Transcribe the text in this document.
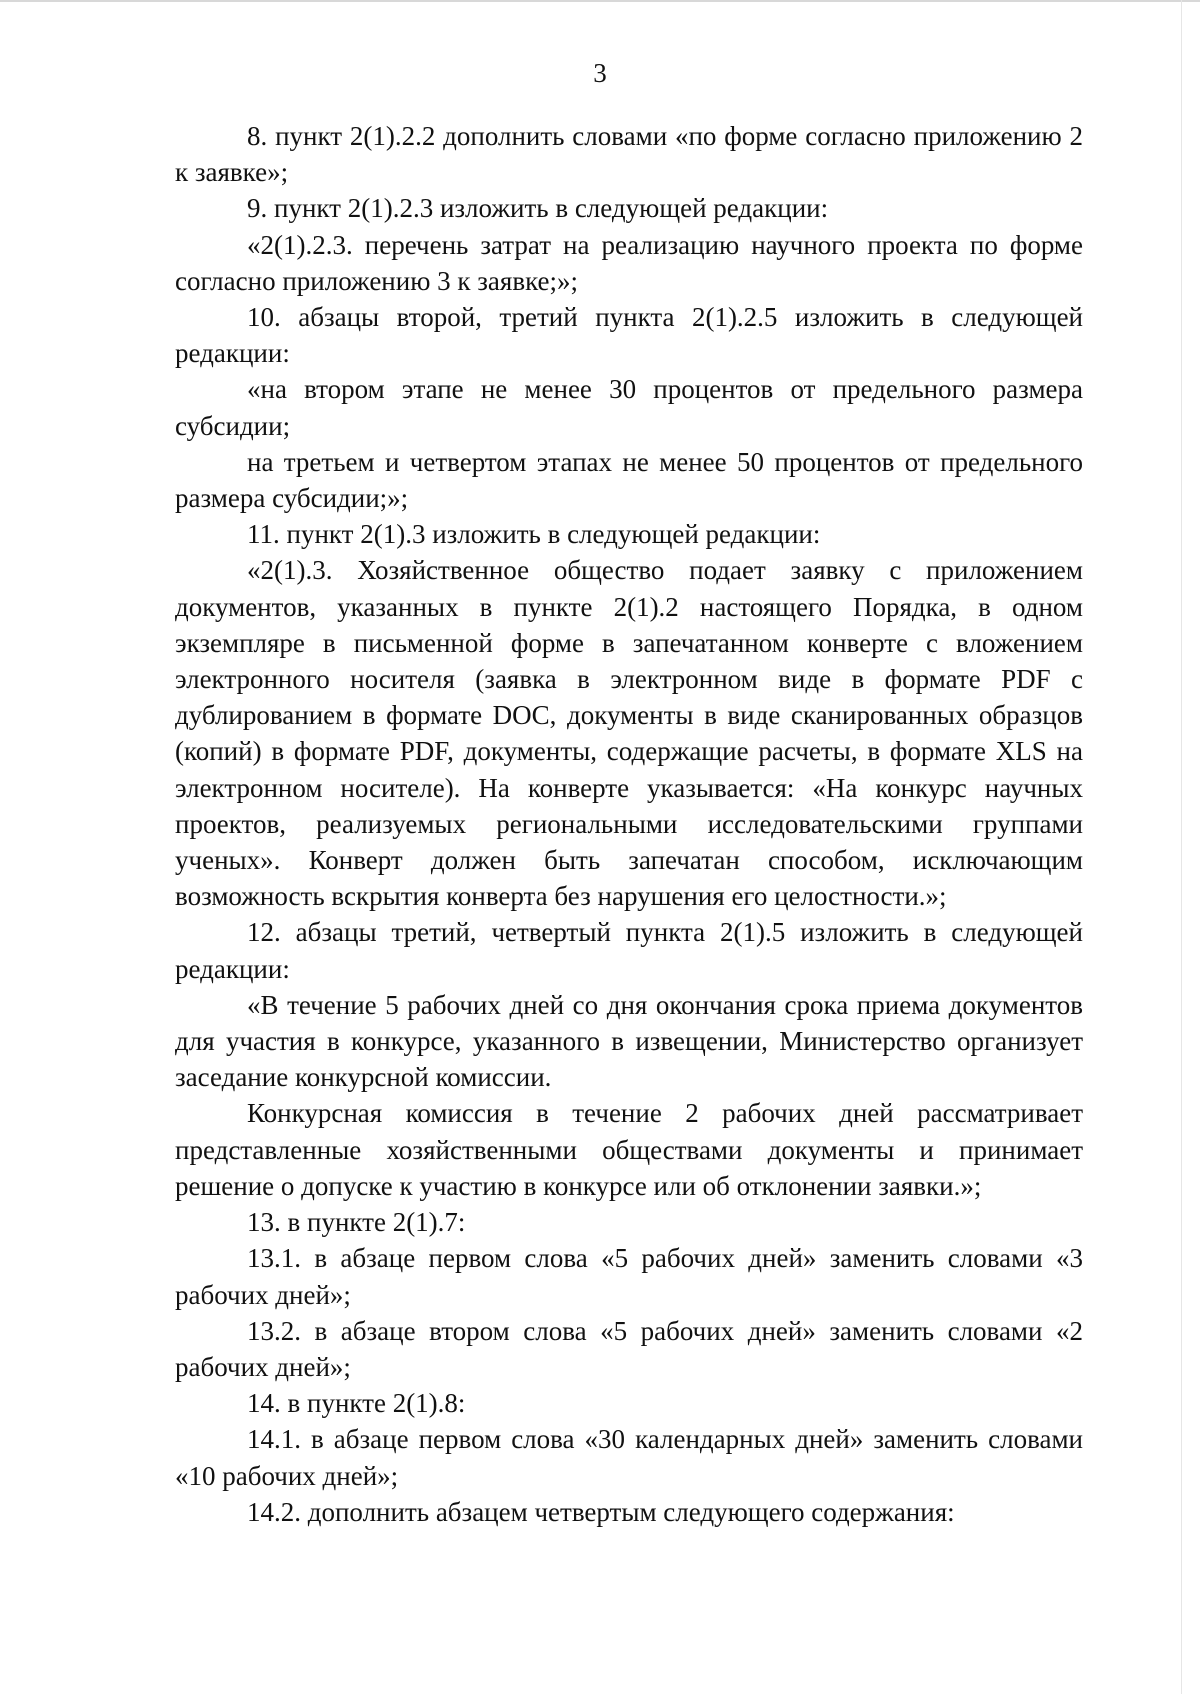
3

8. пункт 2(1).2.2 дополнить словами «по форме согласно приложению 2 к заявке»;

9. пункт 2(1).2.3 изложить в следующей редакции:

«2(1).2.3. перечень затрат на реализацию научного проекта по форме согласно приложению 3 к заявке;»;

10. абзацы второй, третий пункта 2(1).2.5 изложить в следующей редакции:

«на втором этапе не менее 30 процентов от предельного размера субсидии;

на третьем и четвертом этапах не менее 50 процентов от предельного размера субсидии;»;

11. пункт 2(1).3 изложить в следующей редакции:

«2(1).3. Хозяйственное общество подает заявку с приложением документов, указанных в пункте 2(1).2 настоящего Порядка, в одном экземпляре в письменной форме в запечатанном конверте с вложением электронного носителя (заявка в электронном виде в формате PDF с дублированием в формате DOC, документы в виде сканированных образцов (копий) в формате PDF, документы, содержащие расчеты, в формате XLS на электронном носителе). На конверте указывается: «На конкурс научных проектов, реализуемых региональными исследовательскими группами ученых». Конверт должен быть запечатан способом, исключающим возможность вскрытия конверта без нарушения его целостности.»;

12. абзацы третий, четвертый пункта 2(1).5 изложить в следующей редакции:

«В течение 5 рабочих дней со дня окончания срока приема документов для участия в конкурсе, указанного в извещении, Министерство организует заседание конкурсной комиссии.

Конкурсная комиссия в течение 2 рабочих дней рассматривает представленные хозяйственными обществами документы и принимает решение о допуске к участию в конкурсе или об отклонении заявки.»;

13. в пункте 2(1).7:

13.1. в абзаце первом слова «5 рабочих дней» заменить словами «3 рабочих дней»;

13.2. в абзаце втором слова «5 рабочих дней» заменить словами «2 рабочих дней»;

14. в пункте 2(1).8:

14.1. в абзаце первом слова «30 календарных дней» заменить словами «10 рабочих дней»;

14.2. дополнить абзацем четвертым следующего содержания:
